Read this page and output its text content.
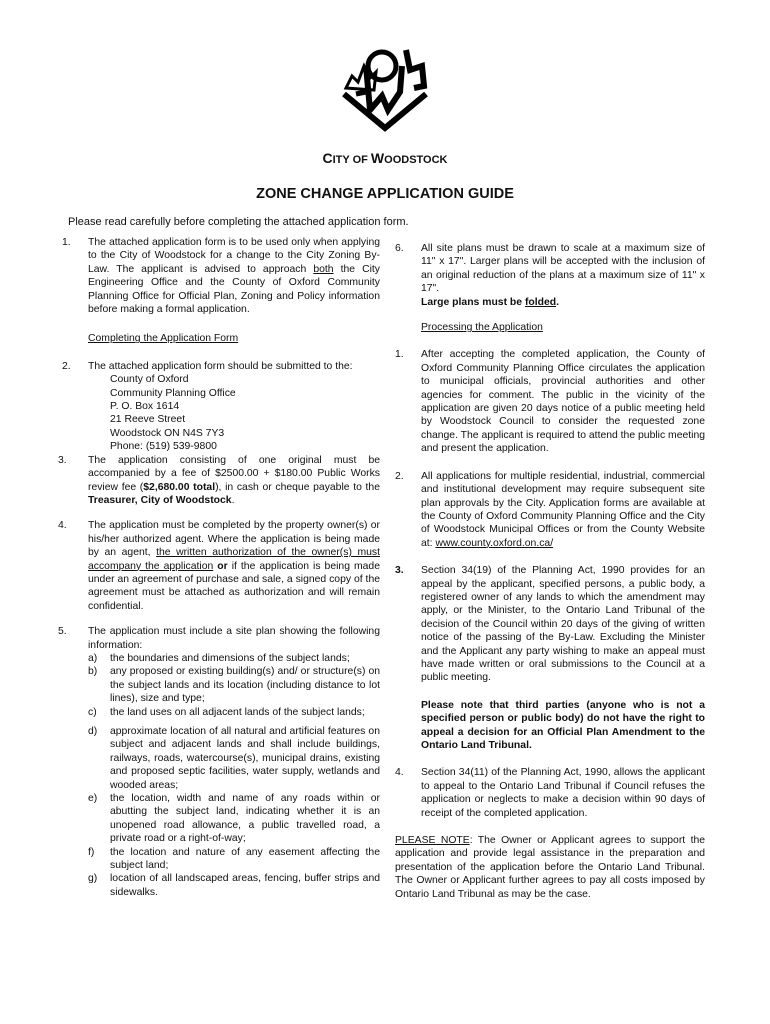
CITY OF WOODSTOCK
ZONE CHANGE APPLICATION GUIDE
Please read carefully before completing the attached application form.
1.	The attached application form is to be used only when applying to the City of Woodstock for a change to the City Zoning By-Law. The applicant is advised to approach both the City Engineering Office and the County of Oxford Community Planning Office for Official Plan, Zoning and Policy information before making a formal application.
Completing the Application Form
2.	The attached application form should be submitted to the:
County of Oxford
Community Planning Office
P. O. Box 1614
21 Reeve Street
Woodstock ON N4S 7Y3
Phone: (519) 539-9800
3.	The application consisting of one original must be accompanied by a fee of $2500.00 + $180.00 Public Works review fee ($2,680.00 total), in cash or cheque payable to the Treasurer, City of Woodstock.
4.	The application must be completed by the property owner(s) or his/her authorized agent. Where the application is being made by an agent, the written authorization of the owner(s) must accompany the application or if the application is being made under an agreement of purchase and sale, a signed copy of the agreement must be attached as authorization and will remain confidential.
5.	The application must include a site plan showing the following information:
a)	the boundaries and dimensions of the subject lands;
b)	any proposed or existing building(s) and/ or structure(s) on the subject lands and its location (including distance to lot lines), size and type;
c)	the land uses on all adjacent lands of the subject lands;
d)	approximate location of all natural and artificial features on subject and adjacent lands and shall include buildings, railways, roads, watercourse(s), municipal drains, existing and proposed septic facilities, water supply, wetlands and wooded areas;
e)	the location, width and name of any roads within or abutting the subject land, indicating whether it is an unopened road allowance, a public travelled road, a private road or a right-of-way;
f)	the location and nature of any easement affecting the subject land;
g)	location of all landscaped areas, fencing, buffer strips and sidewalks.
6.	All site plans must be drawn to scale at a maximum size of 11" x 17". Larger plans will be accepted with the inclusion of an original reduction of the plans at a maximum size of 11" x 17".
Large plans must be folded.
Processing the Application
1.	After accepting the completed application, the County of Oxford Community Planning Office circulates the application to municipal officials, provincial authorities and other agencies for comment. The public in the vicinity of the application are given 20 days notice of a public meeting held by Woodstock Council to consider the requested zone change. The applicant is required to attend the public meeting and present the application.
2.	All applications for multiple residential, industrial, commercial and institutional development may require subsequent site plan approvals by the City. Application forms are available at the County of Oxford Community Planning Office and the City of Woodstock Municipal Offices or from the County Website at: www.county.oxford.on.ca/
3.	Section 34(19) of the Planning Act, 1990 provides for an appeal by the applicant, specified persons, a public body, a registered owner of any lands to which the amendment may apply, or the Minister, to the Ontario Land Tribunal of the decision of the Council within 20 days of the giving of written notice of the passing of the By-Law. Excluding the Minister and the Applicant any party wishing to make an appeal must have made written or oral submissions to the Council at a public meeting.
Please note that third parties (anyone who is not a specified person or public body) do not have the right to appeal a decision for an Official Plan Amendment to the Ontario Land Tribunal.
4.	Section 34(11) of the Planning Act, 1990, allows the applicant to appeal to the Ontario Land Tribunal if Council refuses the application or neglects to make a decision within 90 days of receipt of the completed application.
PLEASE NOTE: The Owner or Applicant agrees to support the application and provide legal assistance in the preparation and presentation of the application before the Ontario Land Tribunal. The Owner or Applicant further agrees to pay all costs imposed by Ontario Land Tribunal as may be the case.
